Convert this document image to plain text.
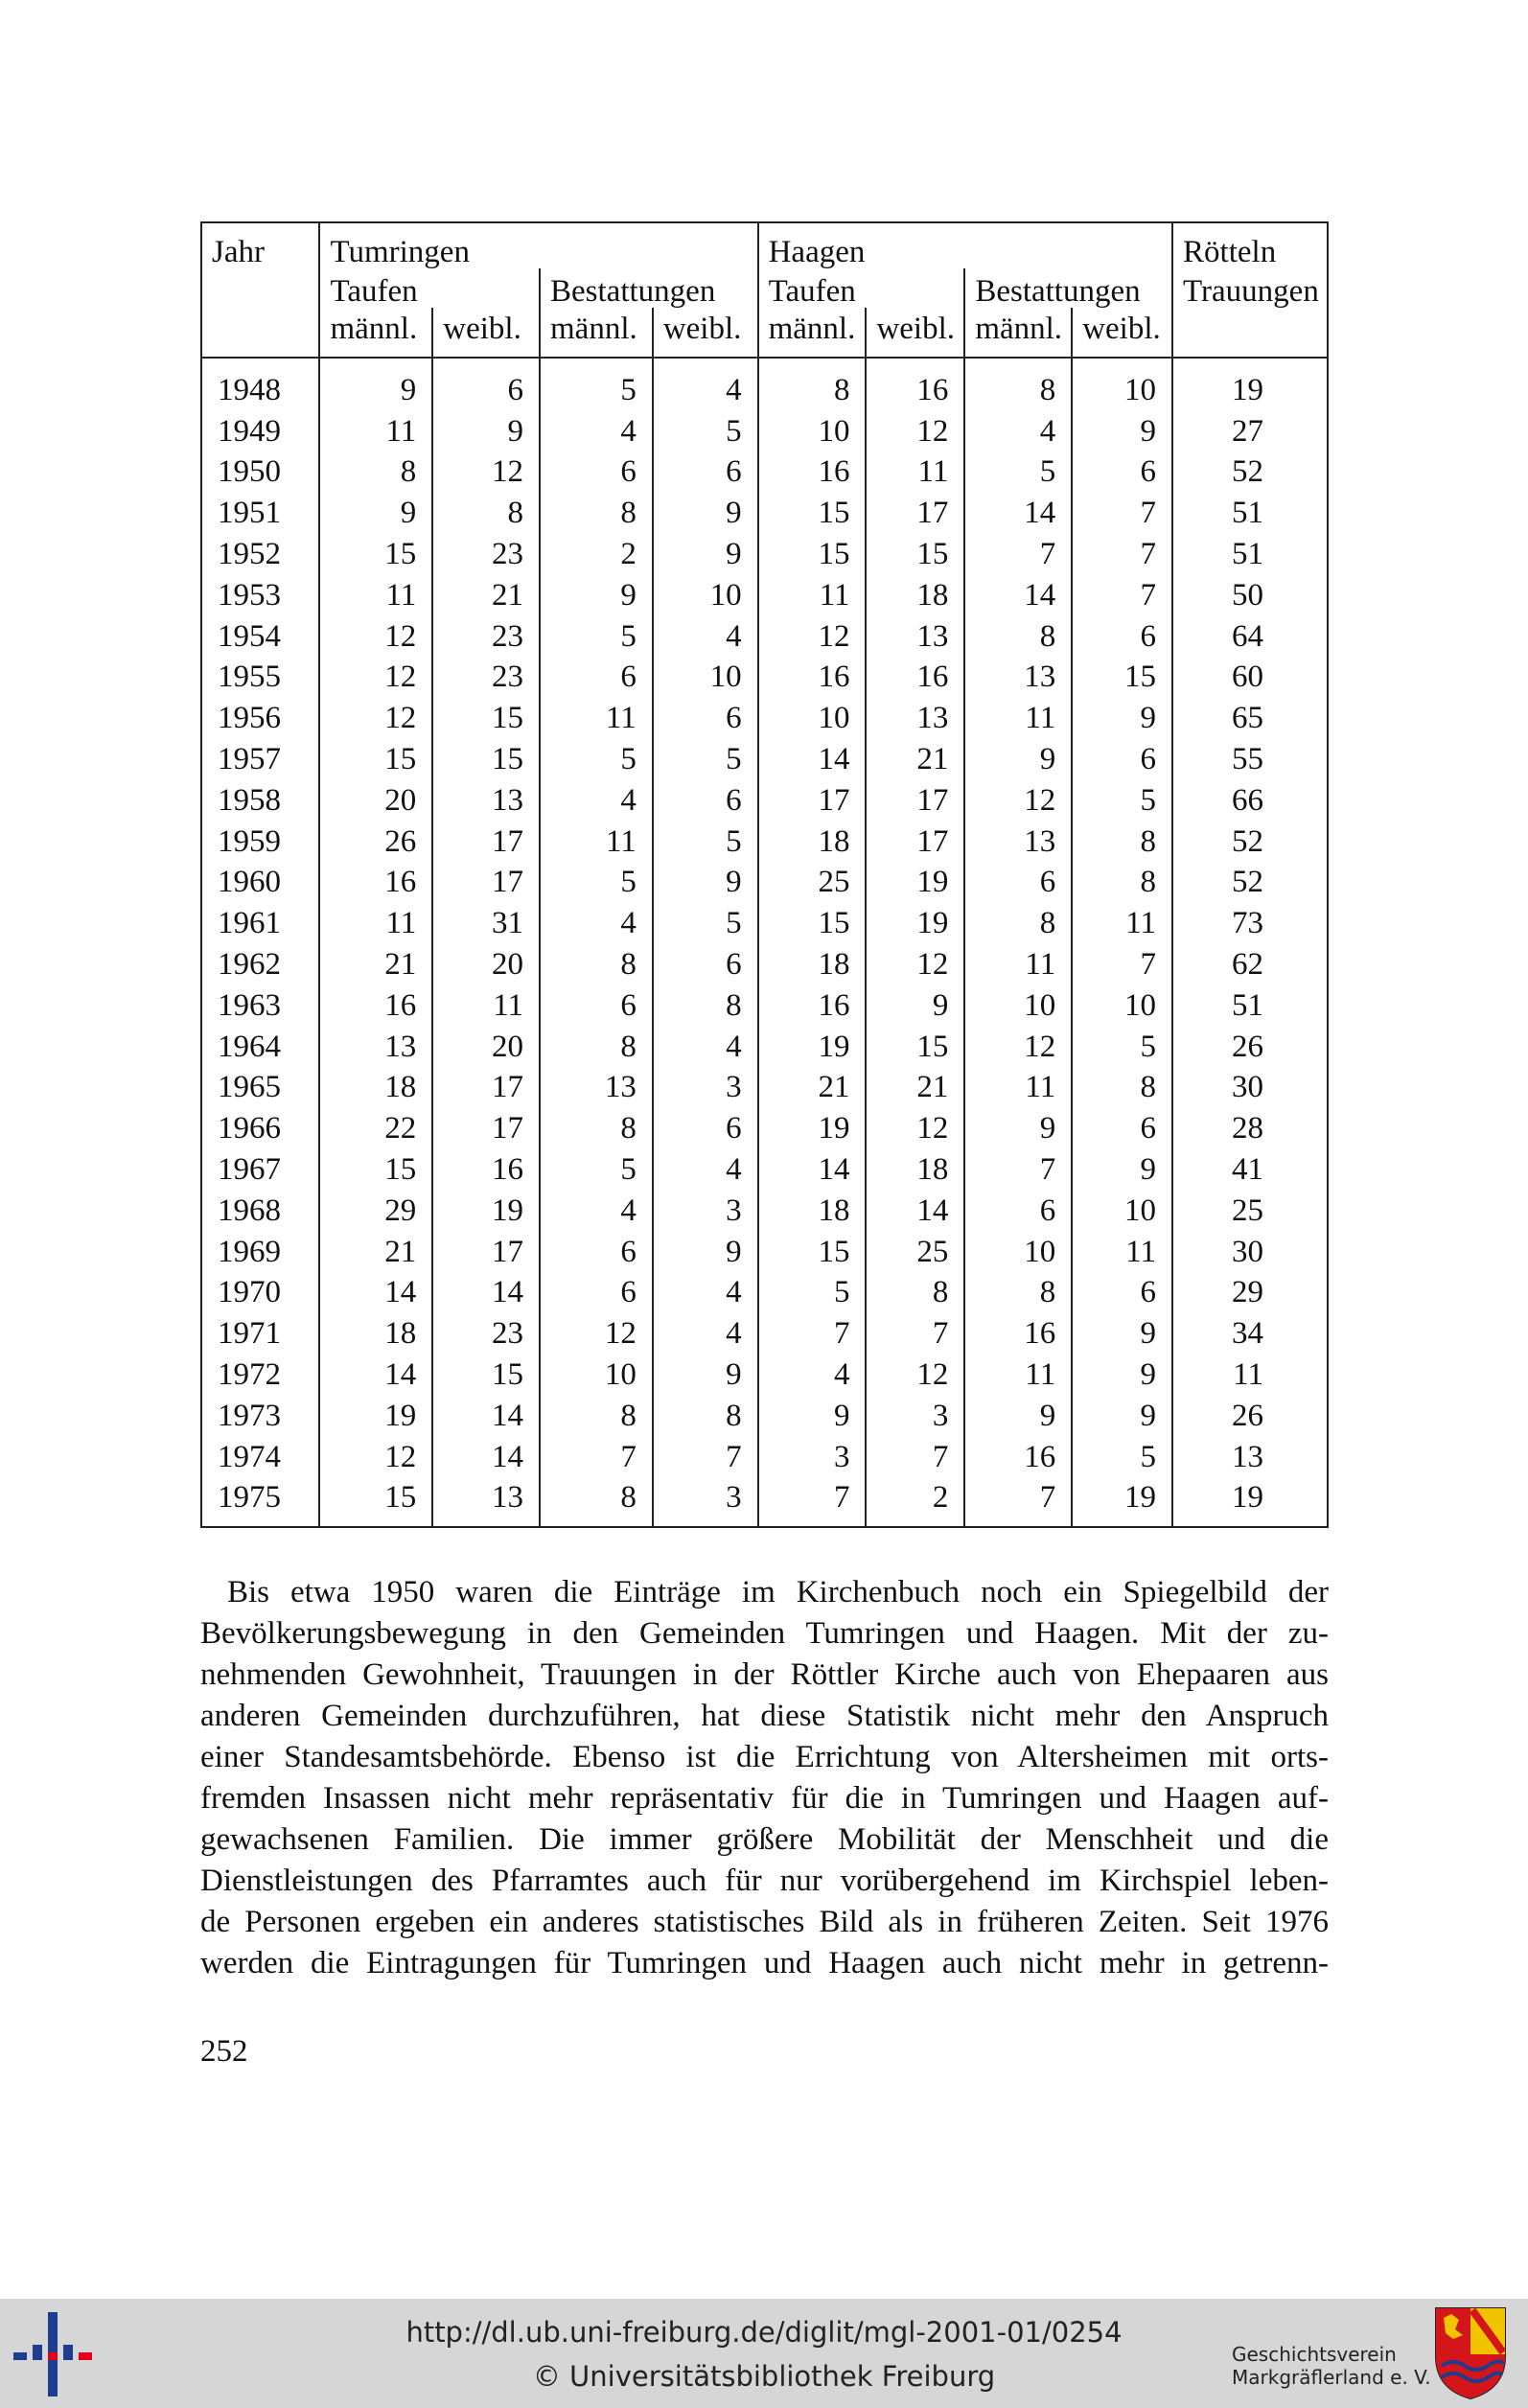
Jahr	Tumringen				Haagen				Rötteln
	Taufen		Bestattungen		Taufen		Bestattungen		Trauungen
	männl.	weibl.	männl.	weibl.	männl.	weibl.	männl.	weibl.	
1948	9	6	5	4	8	16	8	10	19
1949	11	9	4	5	10	12	4	9	27
1950	8	12	6	6	16	11	5	6	52
1951	9	8	8	9	15	17	14	7	51
1952	15	23	2	9	15	15	7	7	51
1953	11	21	9	10	11	18	14	7	50
1954	12	23	5	4	12	13	8	6	64
1955	12	23	6	10	16	16	13	15	60
1956	12	15	11	6	10	13	11	9	65
1957	15	15	5	5	14	21	9	6	55
1958	20	13	4	6	17	17	12	5	66
1959	26	17	11	5	18	17	13	8	52
1960	16	17	5	9	25	19	6	8	52
1961	11	31	4	5	15	19	8	11	73
1962	21	20	8	6	18	12	11	7	62
1963	16	11	6	8	16	9	10	10	51
1964	13	20	8	4	19	15	12	5	26
1965	18	17	13	3	21	21	11	8	30
1966	22	17	8	6	19	12	9	6	28
1967	15	16	5	4	14	18	7	9	41
1968	29	19	4	3	18	14	6	10	25
1969	21	17	6	9	15	25	10	11	30
1970	14	14	6	4	5	8	8	6	29
1971	18	23	12	4	7	7	16	9	34
1972	14	15	10	9	4	12	11	9	11
1973	19	14	8	8	9	3	9	9	26
1974	12	14	7	7	3	7	16	5	13
1975	15	13	8	3	7	2	7	19	19
Bis etwa 1950 waren die Einträge im Kirchenbuch noch ein Spiegelbild der
Bevölkerungsbewegung in den Gemeinden Tumringen und Haagen. Mit der zu-
nehmenden Gewohnheit, Trauungen in der Röttler Kirche auch von Ehepaaren aus
anderen Gemeinden durchzuführen, hat diese Statistik nicht mehr den Anspruch
einer Standesamtsbehörde. Ebenso ist die Errichtung von Altersheimen mit orts-
fremden Insassen nicht mehr repräsentativ für die in Tumringen und Haagen auf-
gewachsenen Familien. Die immer größere Mobilität der Menschheit und die
Dienstleistungen des Pfarramtes auch für nur vorübergehend im Kirchspiel leben-
de Personen ergeben ein anderes statistisches Bild als in früheren Zeiten. Seit 1976
werden die Eintragungen für Tumringen und Haagen auch nicht mehr in getrenn-
252
http://dl.ub.uni-freiburg.de/diglit/mgl-2001-01/0254
© Universitätsbibliothek Freiburg
Geschichtsverein
Markgräflerland e. V.
